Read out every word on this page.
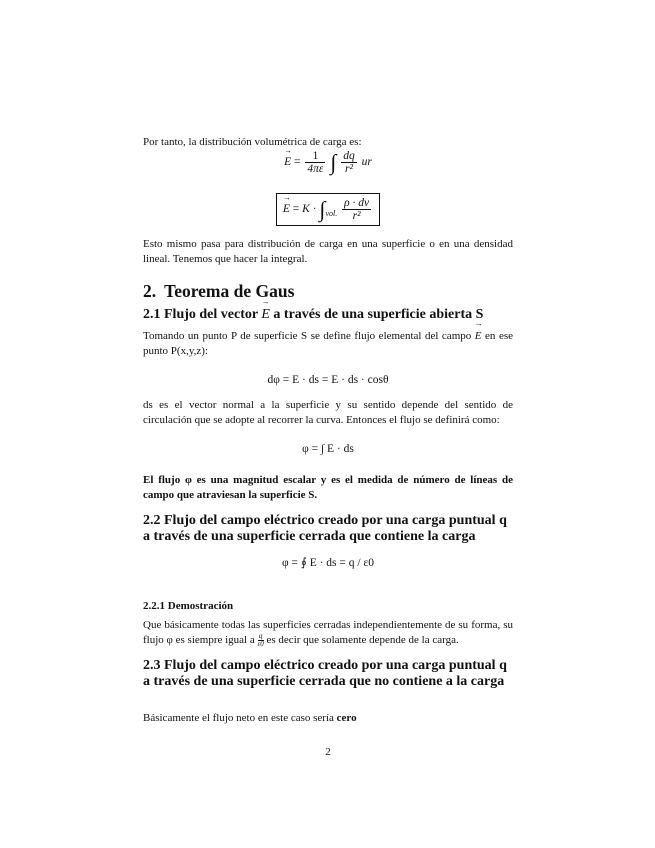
Por tanto, la distribución volumétrica de carga es:
→ $E = \frac{1}{4\pi\varepsilon}$ ∫ $\frac{dq}{\text{r²}}$ ur
→ $E = K \cdot \int_{vol.} \frac{\rho \cdot dv}{\text{r²}}$
Esto mismo pasa para distribución de carga en una superficie o en una densidad lineal. Tenemos que hacer la integral.
2. Teorema de Gaus
2.1 Flujo del vector → E a través de una superficie abierta S
Tomando un punto P de superficie S se define flujo elemental del campo → E en ese punto P(x,y,z):
dφ = E · ds = E · ds · cosθ
ds es el vector normal a la superficie y su sentido depende del sentido de circulación que se adopte al recorrer la curva. Entonces el flujo se definirá como:
φ = ∫ E · ds
El flujo φ es una magnitud escalar y es el medida de número de líneas de campo que atraviesan la superficie S.
2.2 Flujo del campo eléctrico creado por una carga puntual q a través de una superficie cerrada que contiene la carga
φ = ∮ E · ds = q / ε0
2.2.1 Demostración
Que básicamente todas las superficies cerradas independientemente de su forma, su flujo φ es siempre igual a $\frac{q}{\varepsilon 0}$ es decir que solamente depende de la carga.
2.3 Flujo del campo eléctrico creado por una carga puntual q a través de una superficie cerrada que no contiene a la carga
Básicamente el flujo neto en este caso sería cero
2
